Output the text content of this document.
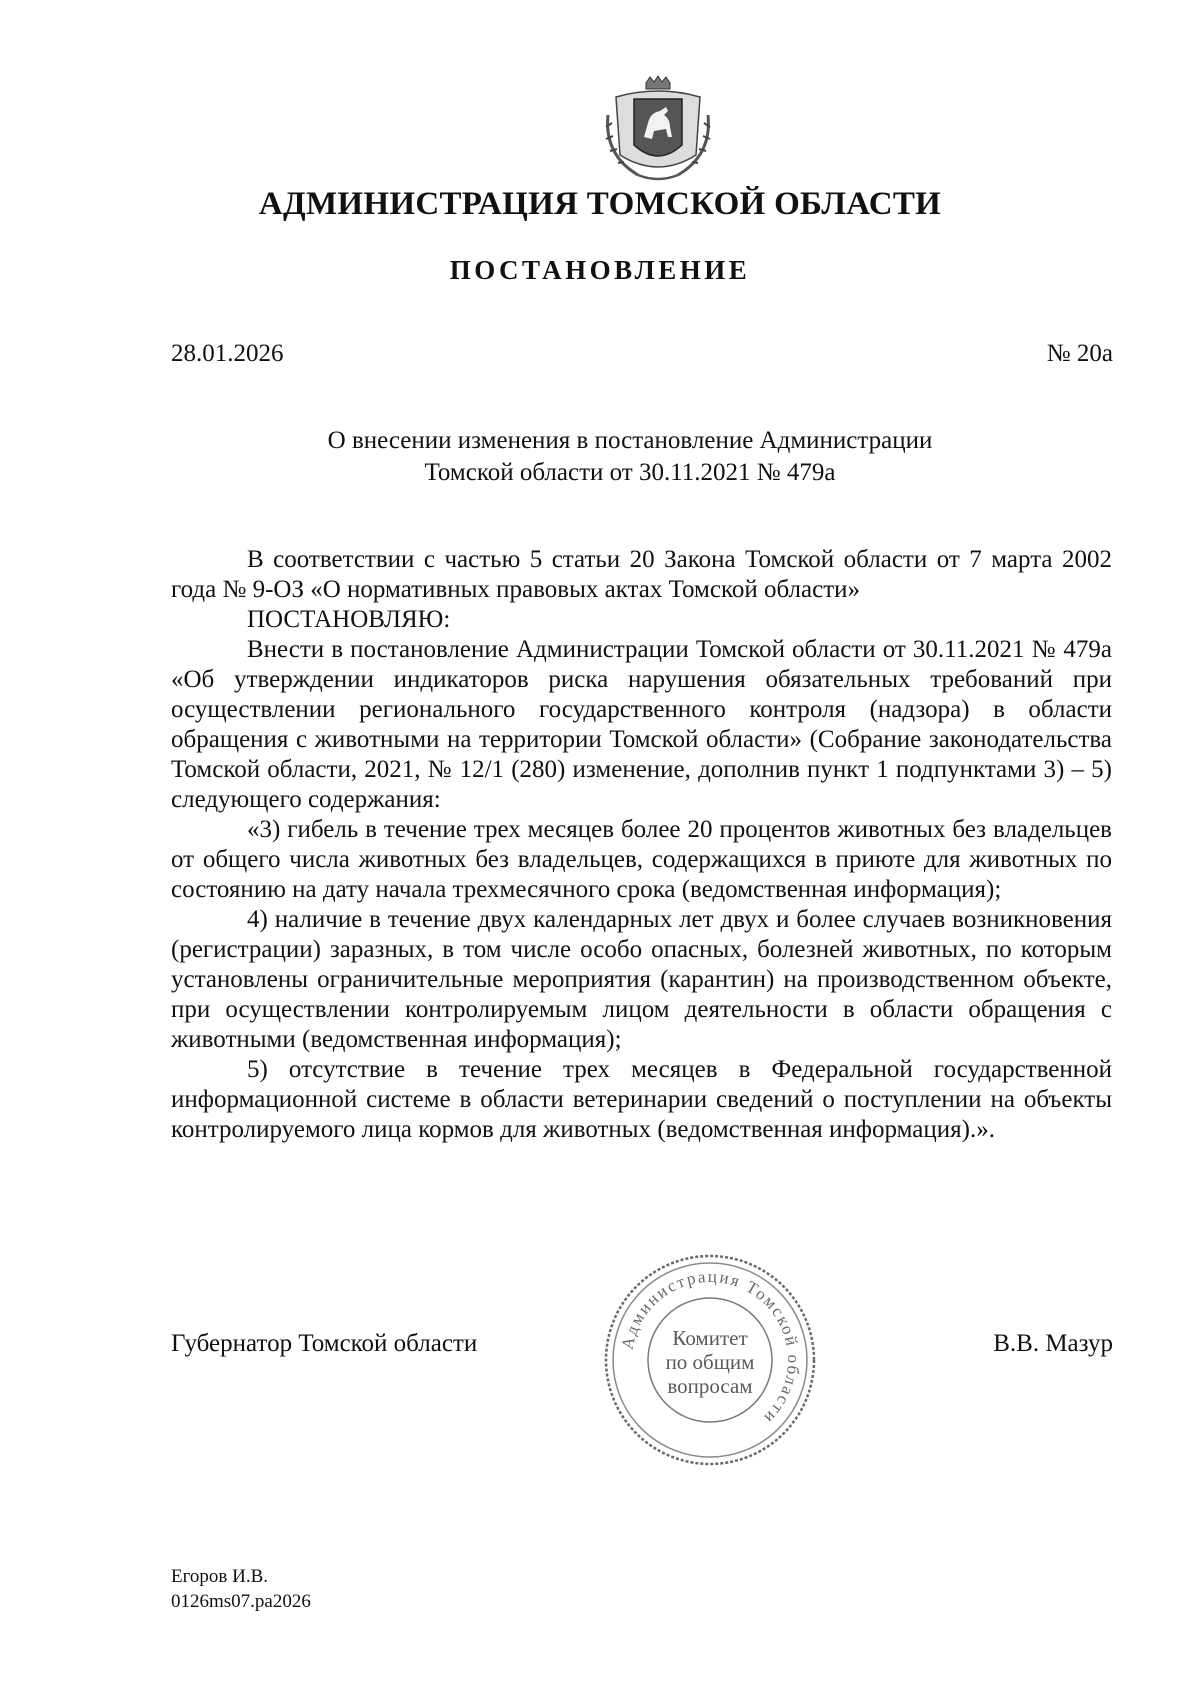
АДМИНИСТРАЦИЯ ТОМСКОЙ ОБЛАСТИ
ПОСТАНОВЛЕНИЕ
28.01.2026	№ 20а
О внесении изменения в постановление Администрации
Томской области от 30.11.2021 № 479а

В соответствии с частью 5 статьи 20 Закона Томской области от 7 марта 2002 года № 9-ОЗ «О нормативных правовых актах Томской области»

ПОСТАНОВЛЯЮ:

Внести в постановление Администрации Томской области от 30.11.2021 № 479а «Об утверждении индикаторов риска нарушения обязательных требований при осуществлении регионального государственного контроля (надзора) в области обращения с животными на территории Томской области» (Собрание законодательства Томской области, 2021, № 12/1 (280) изменение, дополнив пункт 1 подпунктами 3) – 5) следующего содержания:

«3) гибель в течение трех месяцев более 20 процентов животных без владельцев от общего числа животных без владельцев, содержащихся в приюте для животных по состоянию на дату начала трехмесячного срока (ведомственная информация);

4) наличие в течение двух календарных лет двух и более случаев возникновения (регистрации) заразных, в том числе особо опасных, болезней животных, по которым установлены ограничительные мероприятия (карантин) на производственном объекте, при осуществлении контролируемым лицом деятельности в области обращения с животными (ведомственная информация);

5) отсутствие в течение трех месяцев в Федеральной государственной информационной системе в области ветеринарии сведений о поступлении на объекты контролируемого лица кормов для животных (ведомственная информация).».

Губернатор Томской области	Администрация Томской области
Комитет
по общим
вопросам
В.В. Мазур
Егоров И.В.
0126ms07.pa2026
